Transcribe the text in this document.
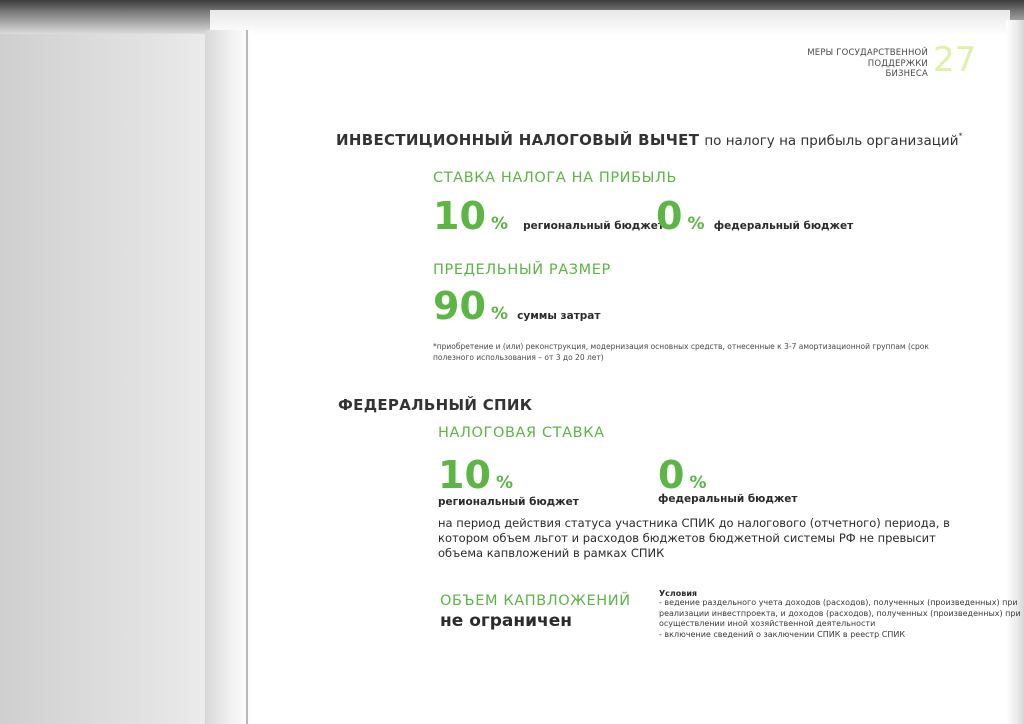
МЕРЫ ГОСУДАРСТВЕННОЙ
ПОДДЕРЖКИ
БИЗНЕСА 27
ИНВЕСТИЦИОННЫЙ НАЛОГОВЫЙ ВЫЧЕТ по налогу на прибыль организаций*
СТАВКА НАЛОГА НА ПРИБЫЛЬ
10 % региональный бюджет
0 % федеральный бюджет
ПРЕДЕЛЬНЫЙ РАЗМЕР
90 % суммы затрат
*приобретение и (или) реконструкция, модернизация основных средств, отнесенные к 3-7 амортизационной группам (срок полезного использования – от 3 до 20 лет)
ФЕДЕРАЛЬНЫЙ СПИК
НАЛОГОВАЯ СТАВКА
10 %
региональный бюджет
0 %
федеральный бюджет
на период действия статуса участника СПИК до налогового (отчетного) периода, в котором объем льгот и расходов бюджетов бюджетной системы РФ не превысит объема капвложений в рамках СПИК
ОБЪЕМ КАПВЛОЖЕНИЙ
не ограничен
Условия
- ведение раздельного учета доходов (расходов), полученных (произведенных) при
реализации инвестпроекта, и доходов (расходов), полученных (произведенных) при
осуществлении иной хозяйственной деятельности
- включение сведений о заключении СПИК в реестр СПИК
